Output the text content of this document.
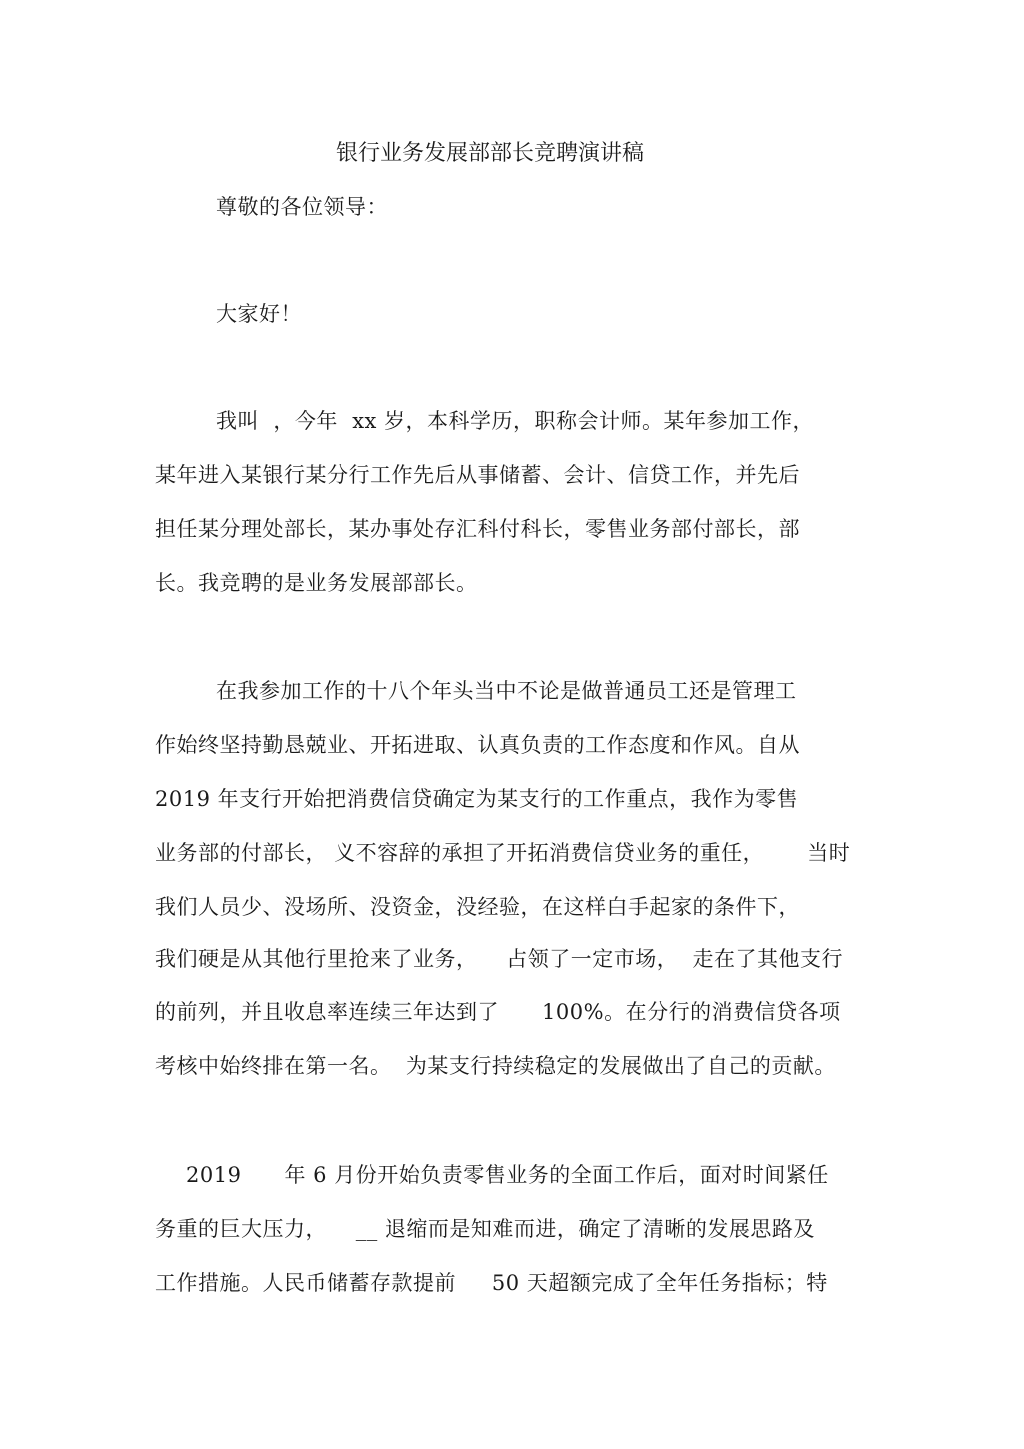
银行业务发展部部长竞聘演讲稿
尊敬的各位领导：
大家好！
我叫  ，今年  xx 岁，本科学历，职称会计师。某年参加工作，
某年进入某银行某分行工作先后从事储蓄、会计、信贷工作，并先后
担任某分理处部长，某办事处存汇科付科长，零售业务部付部长，部
长。我竞聘的是业务发展部部长。
在我参加工作的十八个年头当中不论是做普通员工还是管理工
作始终坚持勤恳兢业、开拓进取、认真负责的工作态度和作风。自从
2019 年支行开始把消费信贷确定为某支行的工作重点，我作为零售
业务部的付部长， 义不容辞的承担了开拓消费信贷业务的重任，      当时
我们人员少、没场所、没资金，没经验，在这样白手起家的条件下，
我们硬是从其他行里抢来了业务，    占领了一定市场，  走在了其他支行
的前列，并且收息率连续三年达到了      100%。在分行的消费信贷各项
考核中始终排在第一名。  为某支行持续稳定的发展做出了自己的贡献。
2019      年 6 月份开始负责零售业务的全面工作后，面对时间紧任
务重的巨大压力，    __ 退缩而是知难而进，确定了清晰的发展思路及
工作措施。人民币储蓄存款提前     50 天超额完成了全年任务指标；特
